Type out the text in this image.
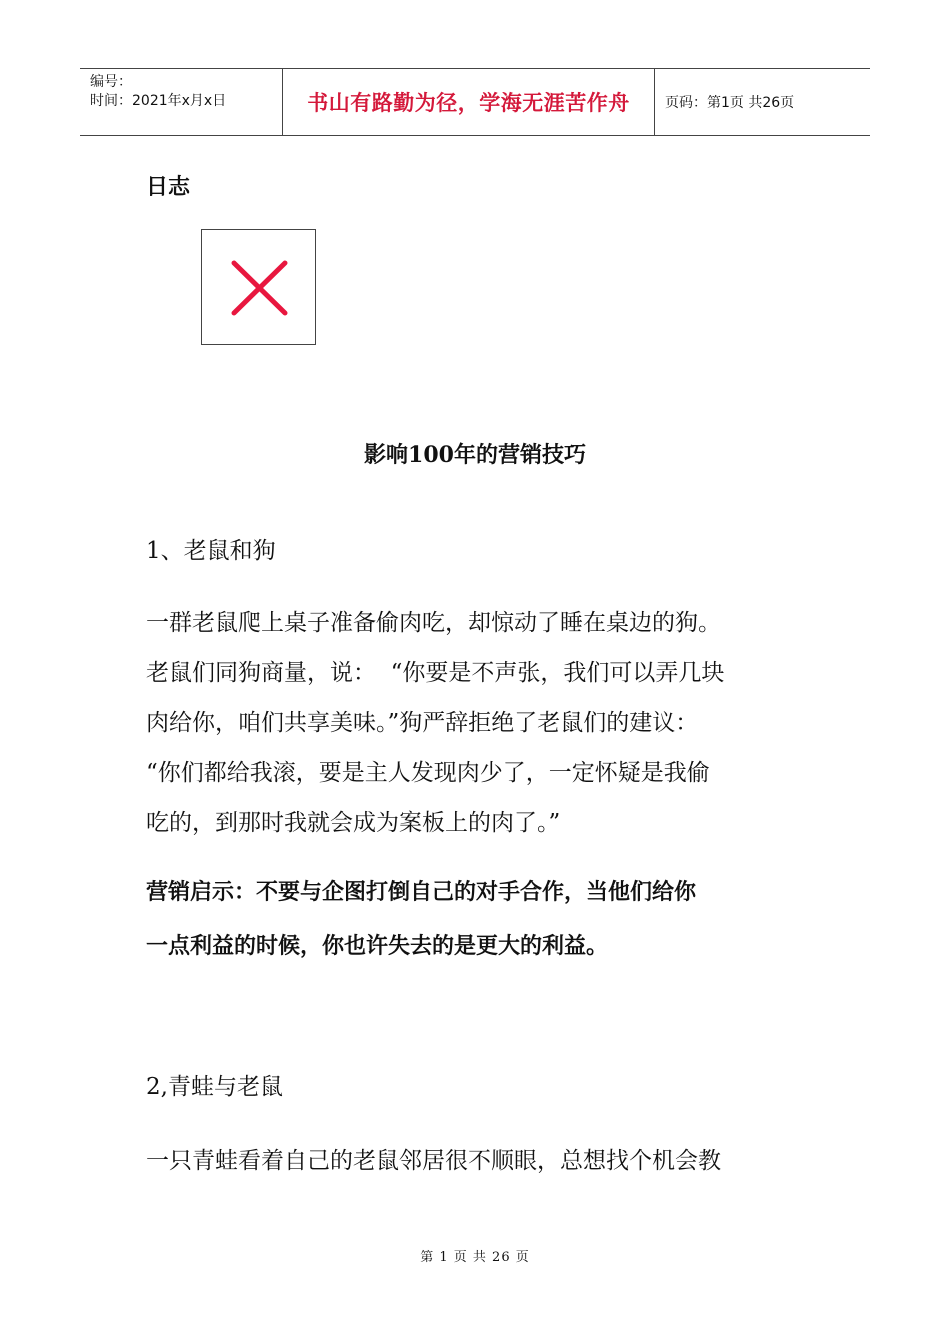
编号：
时间：2021年x月x日	书山有路勤为径，学海无涯苦作舟	页码：第1页 共26页
日志
影响100年的营销技巧

1、老鼠和狗

一群老鼠爬上桌子准备偷肉吃，却惊动了睡在桌边的狗。
老鼠们同狗商量，说：  “你要是不声张，我们可以弄几块
肉给你，咱们共享美味。”狗严辞拒绝了老鼠们的建议：
“你们都给我滚，要是主人发现肉少了，一定怀疑是我偷
吃的，到那时我就会成为案板上的肉了。”

营销启示：不要与企图打倒自己的对手合作，当他们给你
一点利益的时候，你也许失去的是更大的利益。

2,青蛙与老鼠

一只青蛙看着自己的老鼠邻居很不顺眼，总想找个机会教

第 1 页 共 26 页
